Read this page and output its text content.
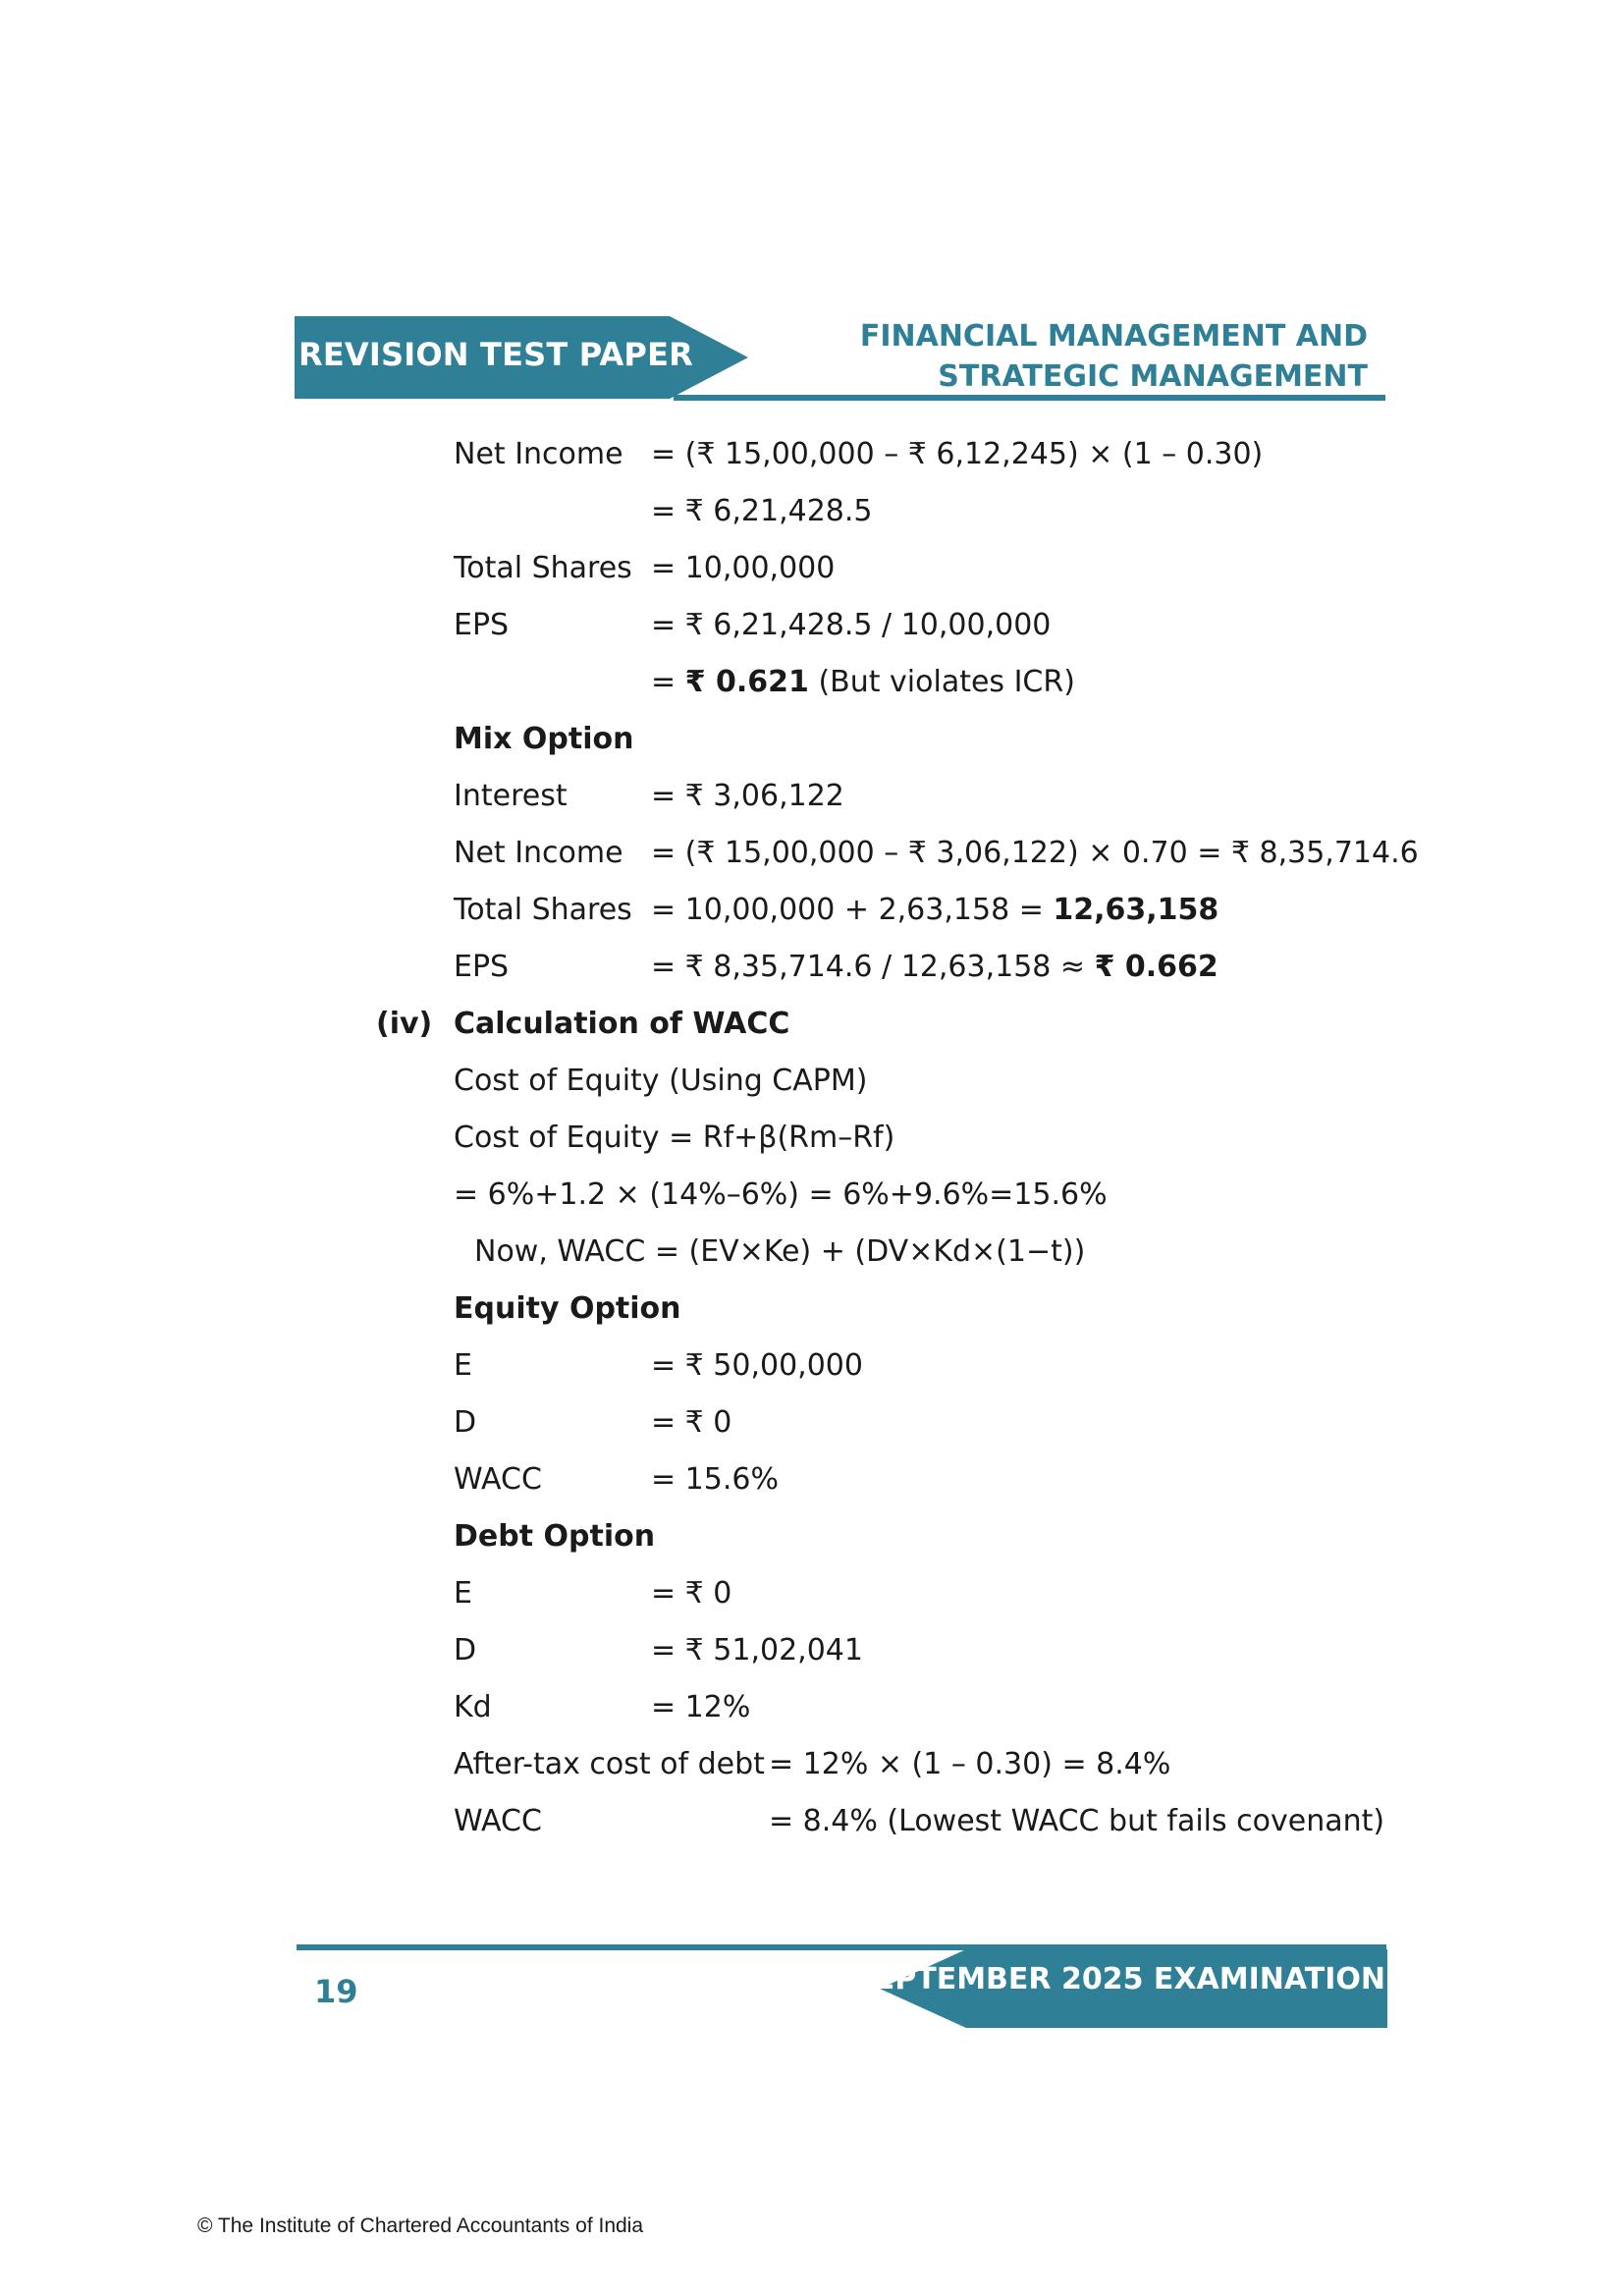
REVISION TEST PAPER	FINANCIAL MANAGEMENT AND
STRATEGIC MANAGEMENT
Net Income = (₹ 15,00,000 – ₹ 6,12,245) × (1 – 0.30)
= ₹ 6,21,428.5
Total Shares = 10,00,000
EPS	= ₹ 6,21,428.5 / 10,00,000
= ₹ 0.621 (But violates ICR)
Mix Option
Interest	= ₹ 3,06,122
Net Income = (₹ 15,00,000 – ₹ 3,06,122) × 0.70 = ₹ 8,35,714.6
Total Shares = 10,00,000 + 2,63,158 = 12,63,158
EPS	= ₹ 8,35,714.6 / 12,63,158 ≈ ₹ 0.662
(iv) Calculation of WACC
Cost of Equity (Using CAPM)
Cost of Equity = Rf+β(Rm–Rf)
= 6%+1.2 × (14%–6%) = 6%+9.6%=15.6%
Now, WACC = (EV×Ke) + (DV×Kd×(1−t))
Equity Option
E	= ₹ 50,00,000
D	= ₹ 0
WACC	= 15.6%
Debt Option
E	= ₹ 0
D	= ₹ 51,02,041
Kd	= 12%
After-tax cost of debt = 12% × (1 – 0.30) = 8.4%
WACC	= 8.4% (Lowest WACC but fails covenant)
SEPTEMBER 2025 EXAMINATION
19
© The Institute of Chartered Accountants of India
